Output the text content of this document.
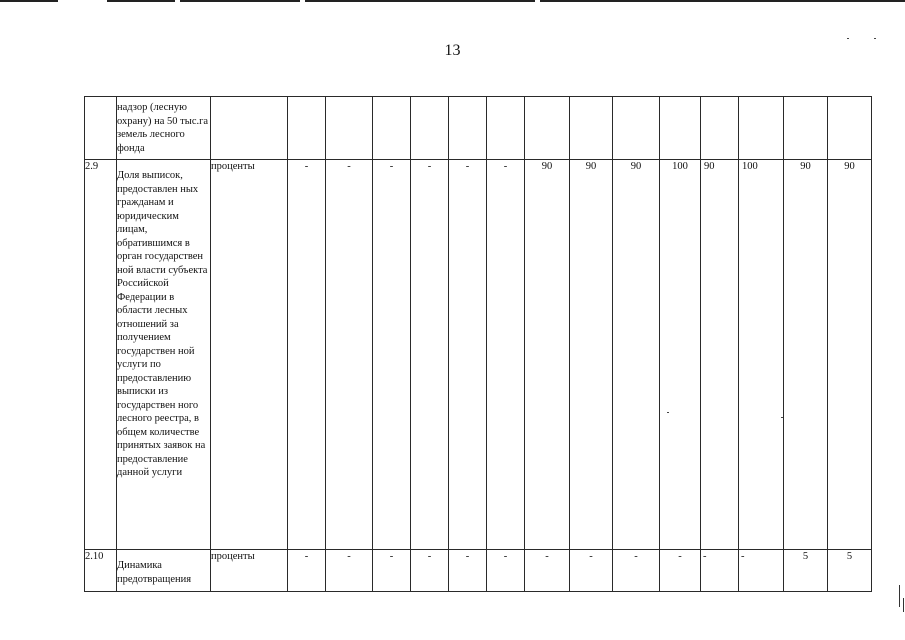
13
	надзор (лесную охрану) на 50 тыс.га земель лесного фонда															
2.9	Доля выписок, предоставлен ных гражданам и юридическим лицам, обратившимся в орган государствен ной власти субъекта Российской Федерации в области лесных отношений за получением государствен ной услуги по предоставлению выписки из государствен ного лесного реестра, в общем количестве принятых заявок на предоставление данной услуги	проценты	-	-	-	-	-	-	90	90	90	100	90	100	90	90
2.10	Динамика предотвращения	проценты	-	-	-	-	-	-	-	-	-	-	-	-	5	5
